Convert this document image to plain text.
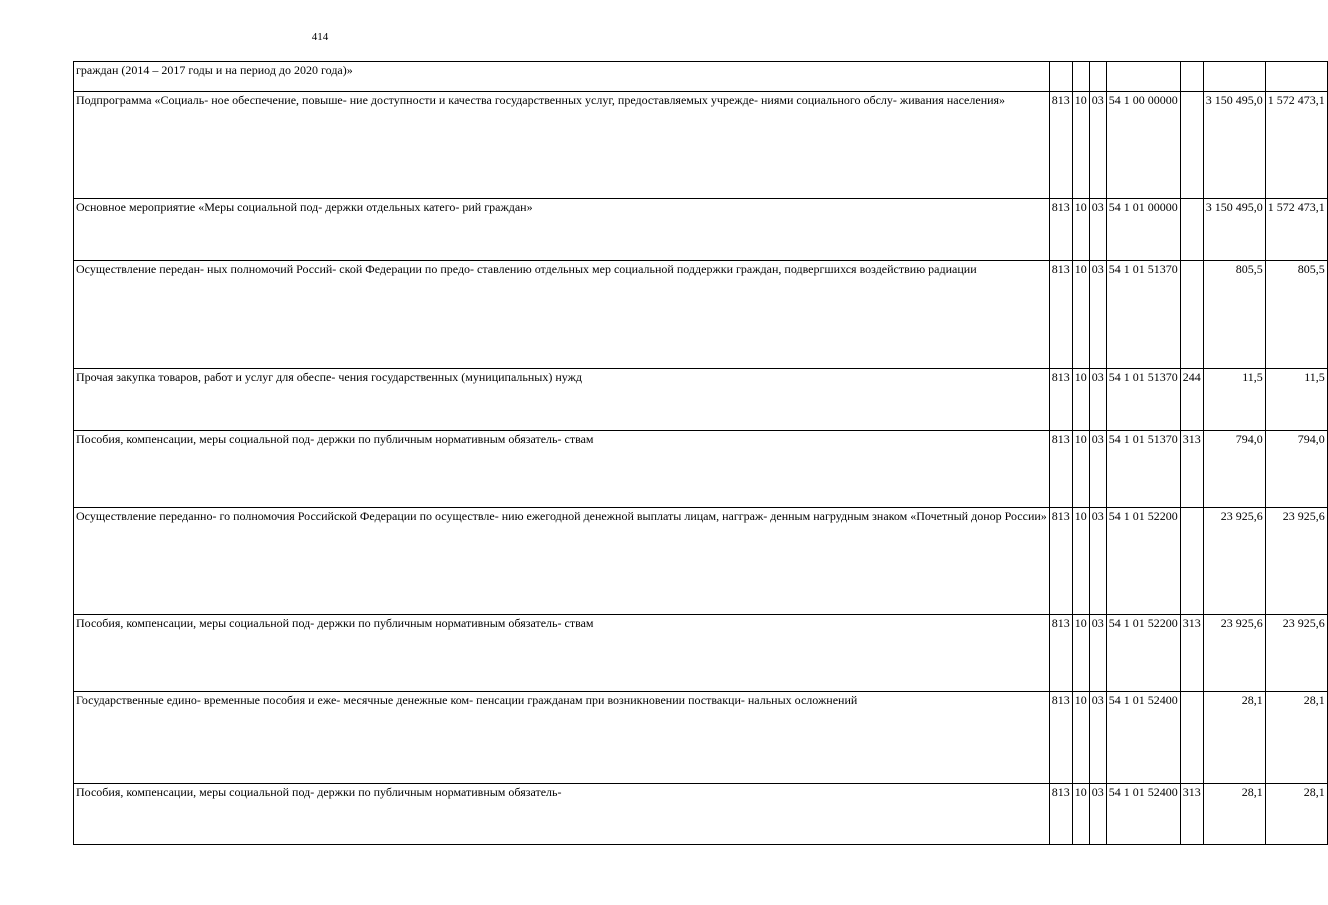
414
граждан (2014 – 2017 годы и на период до 2020 года)»							
Подпрограмма «Социаль- ное обеспечение, повыше- ние доступности и качества государственных услуг, предоставляемых учрежде- ниями социального обслу- живания населения»	813	10	03	54 1 00 00000		3 150 495,0	1 572 473,1
Основное мероприятие «Меры социальной под- держки отдельных катего- рий граждан»	813	10	03	54 1 01 00000		3 150 495,0	1 572 473,1
Осуществление передан- ных полномочий Россий- ской Федерации по предо- ставлению отдельных мер социальной поддержки граждан, подвергшихся воздействию радиации	813	10	03	54 1 01 51370		805,5	805,5
Прочая закупка товаров, работ и услуг для обеспе- чения государственных (муниципальных) нужд	813	10	03	54 1 01 51370	244	11,5	11,5
Пособия, компенсации, меры социальной под- держки по публичным нормативным обязатель- ствам	813	10	03	54 1 01 51370	313	794,0	794,0
Осуществление переданно- го полномочия Российской Федерации по осуществле- нию ежегодной денежной выплаты лицам, нагграж- денным нагрудным знаком «Почетный донор России»	813	10	03	54 1 01 52200		23 925,6	23 925,6
Пособия, компенсации, меры социальной под- держки по публичным нормативным обязатель- ствам	813	10	03	54 1 01 52200	313	23 925,6	23 925,6
Государственные едино- временные пособия и еже- месячные денежные ком- пенсации гражданам при возникновении поствакци- нальных осложнений	813	10	03	54 1 01 52400		28,1	28,1
Пособия, компенсации, меры социальной под- держки по публичным нормативным обязатель-	813	10	03	54 1 01 52400	313	28,1	28,1
